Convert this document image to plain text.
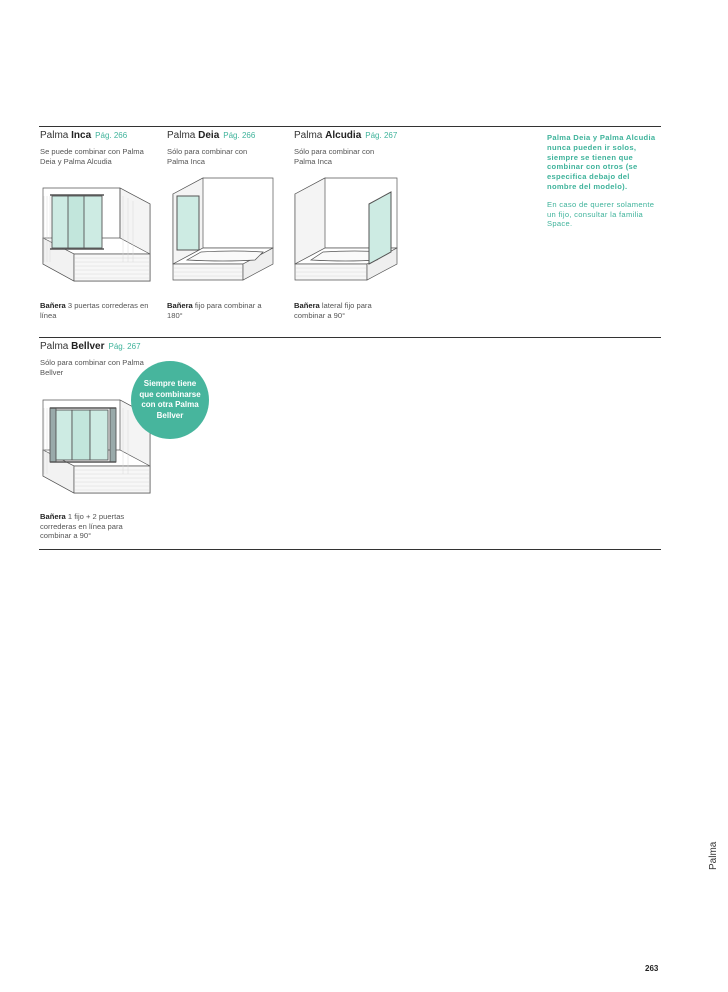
Palma Inca Pág. 266
Se puede combinar con Palma Deia y Palma Alcudia
Bañera 3 puertas correderas en línea
Palma Deia Pág. 266
Sólo para combinar con Palma Inca
Bañera fijo para combinar a 180°
Palma Alcudia Pág. 267
Sólo para combinar con Palma Inca
Bañera lateral fijo para combinar a 90°
Palma Bellver Pág. 267
Sólo para combinar con Palma Bellver
Bañera 1 fijo + 2 puertas correderas en línea para combinar a 90°
Palma Deia y Palma Alcudia nunca pueden ir solos, siempre se tienen que combinar con otros (se especifica debajo del nombre del modelo).
En caso de querer solamente un fijo, consultar la familia Space.
Siempre tiene que combinarse con otra Palma Bellver
Palma
263
